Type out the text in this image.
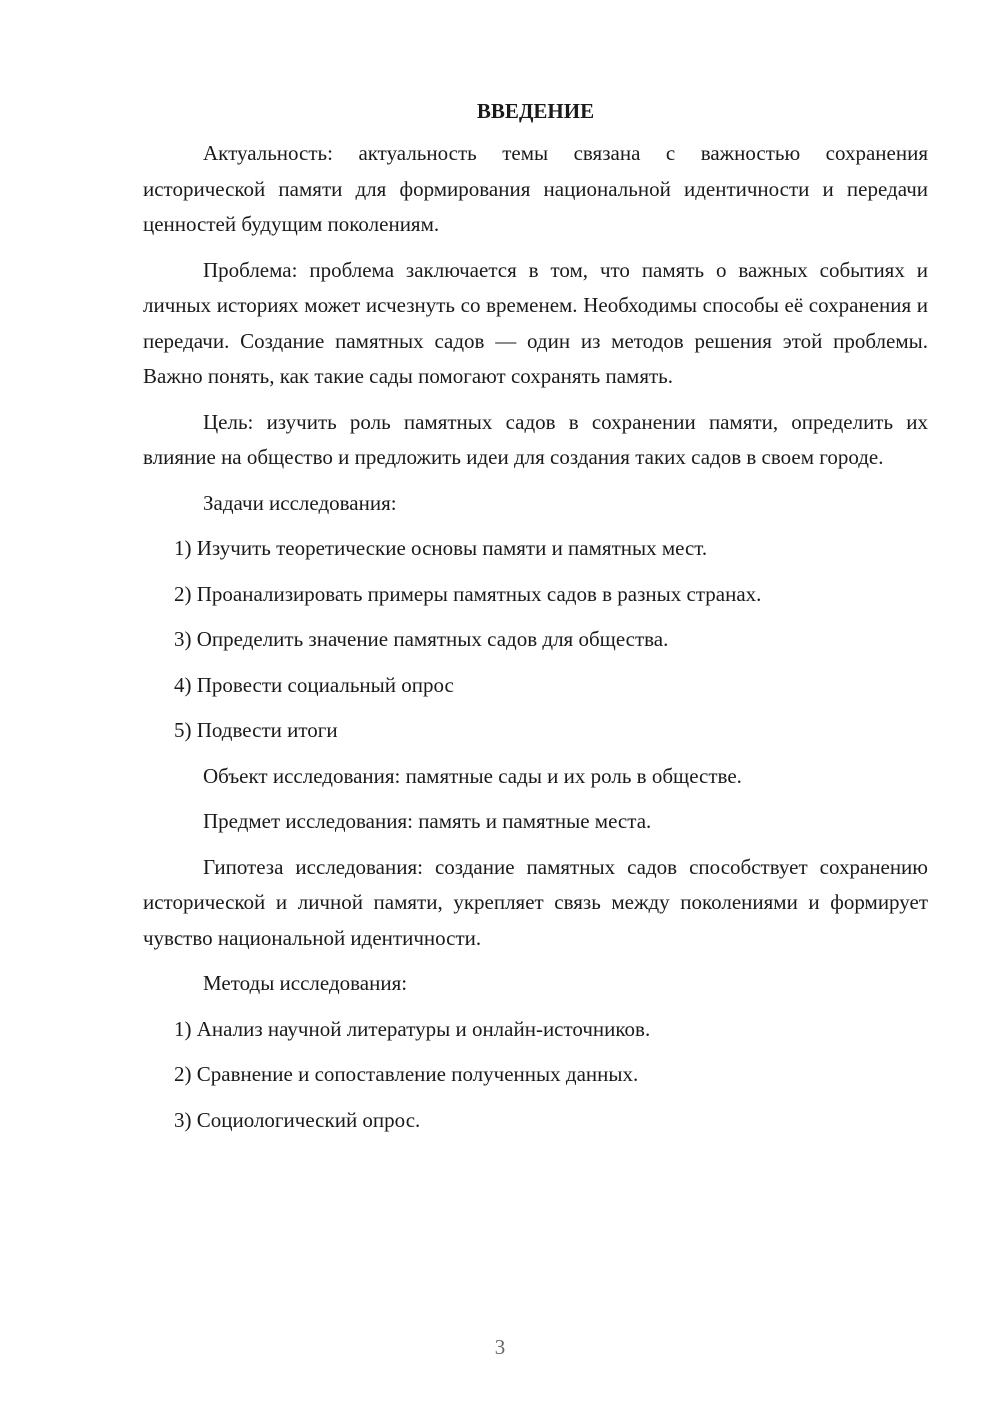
ВВЕДЕНИЕ

Актуальность: актуальность темы связана с важностью сохранения исторической памяти для формирования национальной идентичности и передачи ценностей будущим поколениям.

Проблема: проблема заключается в том, что память о важных событиях и личных историях может исчезнуть со временем. Необходимы способы её сохранения и передачи. Создание памятных садов — один из методов решения этой проблемы. Важно понять, как такие сады помогают сохранять память.

Цель: изучить роль памятных садов в сохранении памяти, определить их влияние на общество и предложить идеи для создания таких садов в своем городе.

Задачи исследования:

1) Изучить теоретические основы памяти и памятных мест.
2) Проанализировать примеры памятных садов в разных странах.
3) Определить значение памятных садов для общества.
4) Провести социальный опрос
5) Подвести итоги

Объект исследования: памятные сады и их роль в обществе.

Предмет исследования: память и памятные места.

Гипотеза исследования: создание памятных садов способствует сохранению исторической и личной памяти, укрепляет связь между поколениями и формирует чувство национальной идентичности.

Методы исследования:

1) Анализ научной литературы и онлайн-источников.
2) Сравнение и сопоставление полученных данных.
3) Социологический опрос.
3
